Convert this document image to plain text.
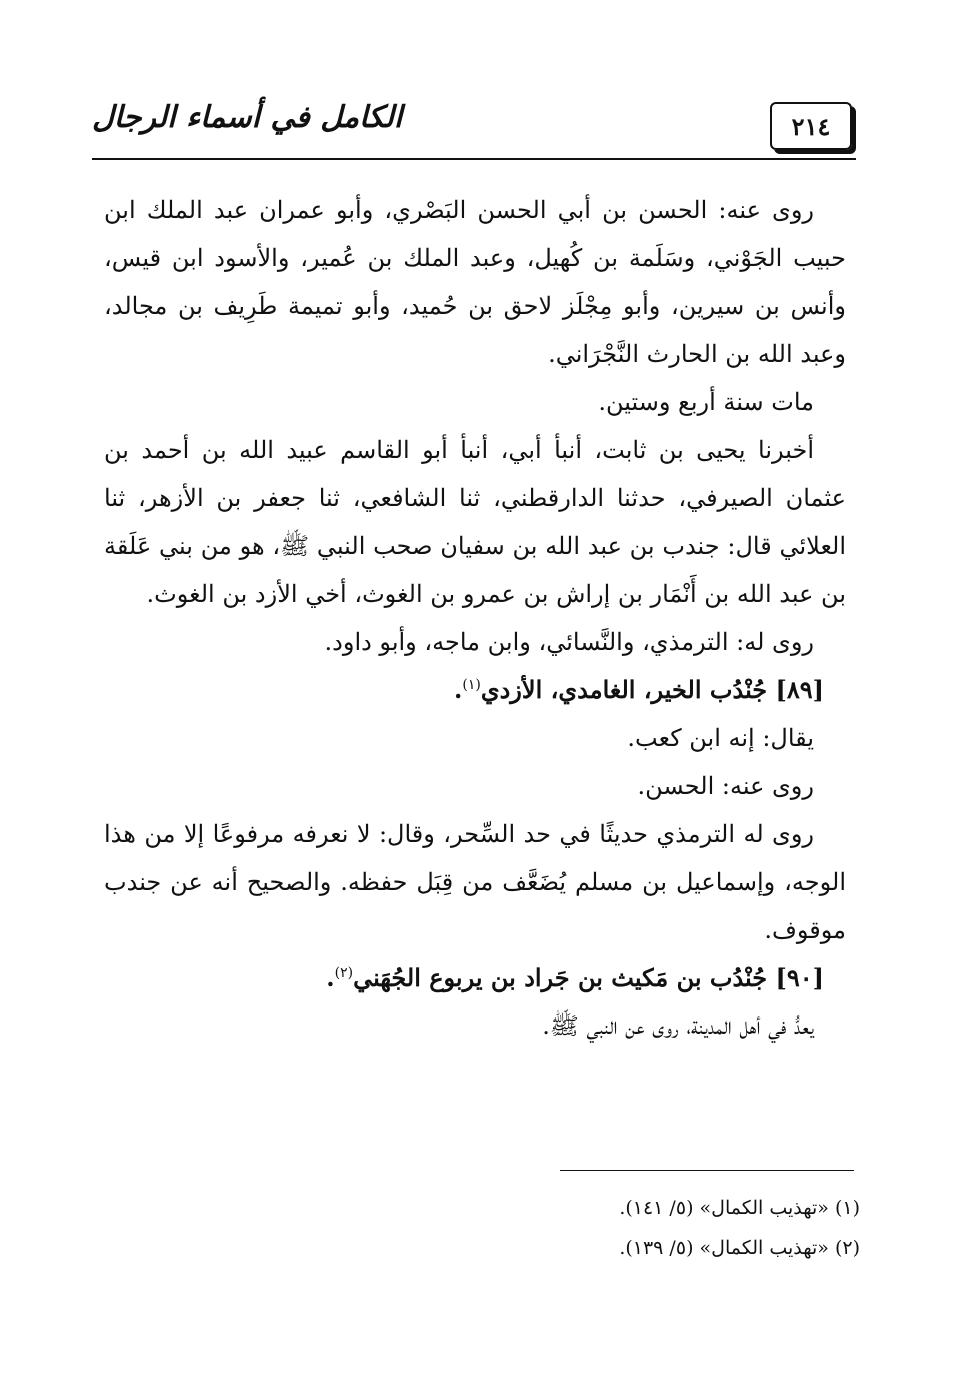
٢١٤
الكامل في أسماء الرجال

روى عنه: الحسن بن أبي الحسن البَصْري، وأبو عمران عبد الملك ابن حبيب الجَوْني، وسَلَمة بن كُهيل، وعبد الملك بن عُمير، والأسود ابن قيس، وأنس بن سيرين، وأبو مِجْلَز لاحق بن حُميد، وأبو تميمة طَرِيف بن مجالد، وعبد الله بن الحارث النَّجْرَاني.

مات سنة أربع وستين.

أخبرنا يحيى بن ثابت، أنبأ أبي، أنبأ أبو القاسم عبيد الله بن أحمد بن عثمان الصيرفي، حدثنا الدارقطني، ثنا الشافعي، ثنا جعفر بن الأزهر، ثنا العلائي قال: جندب بن عبد الله بن سفيان صحب النبي ﷺ، هو من بني عَلَقة بن عبد الله بن أَنْمَار بن إراش بن عمرو بن الغوث، أخي الأزد بن الغوث.

روى له: الترمذي، والنَّسائي، وابن ماجه، وأبو داود.

[٨٩] جُنْدُب الخير، الغامدي، الأزدي$^{(١)}$.

يقال: إنه ابن كعب.

روى عنه: الحسن.

روى له الترمذي حديثًا في حد السِّحر، وقال: لا نعرفه مرفوعًا إلا من هذا الوجه، وإسماعيل بن مسلم يُضَعَّف من قِبَل حفظه. والصحيح أنه عن جندب موقوف.

[٩٠] جُنْدُب بن مَكيث بن جَراد بن يربوع الجُهَني$^{(٢)}$.

يعدُّ في أهل المدينة، روى عن النبي ﷺ.

(١) «تهذيب الكمال» (٥/ ١٤١).

(٢) «تهذيب الكمال» (٥/ ١٣٩).
